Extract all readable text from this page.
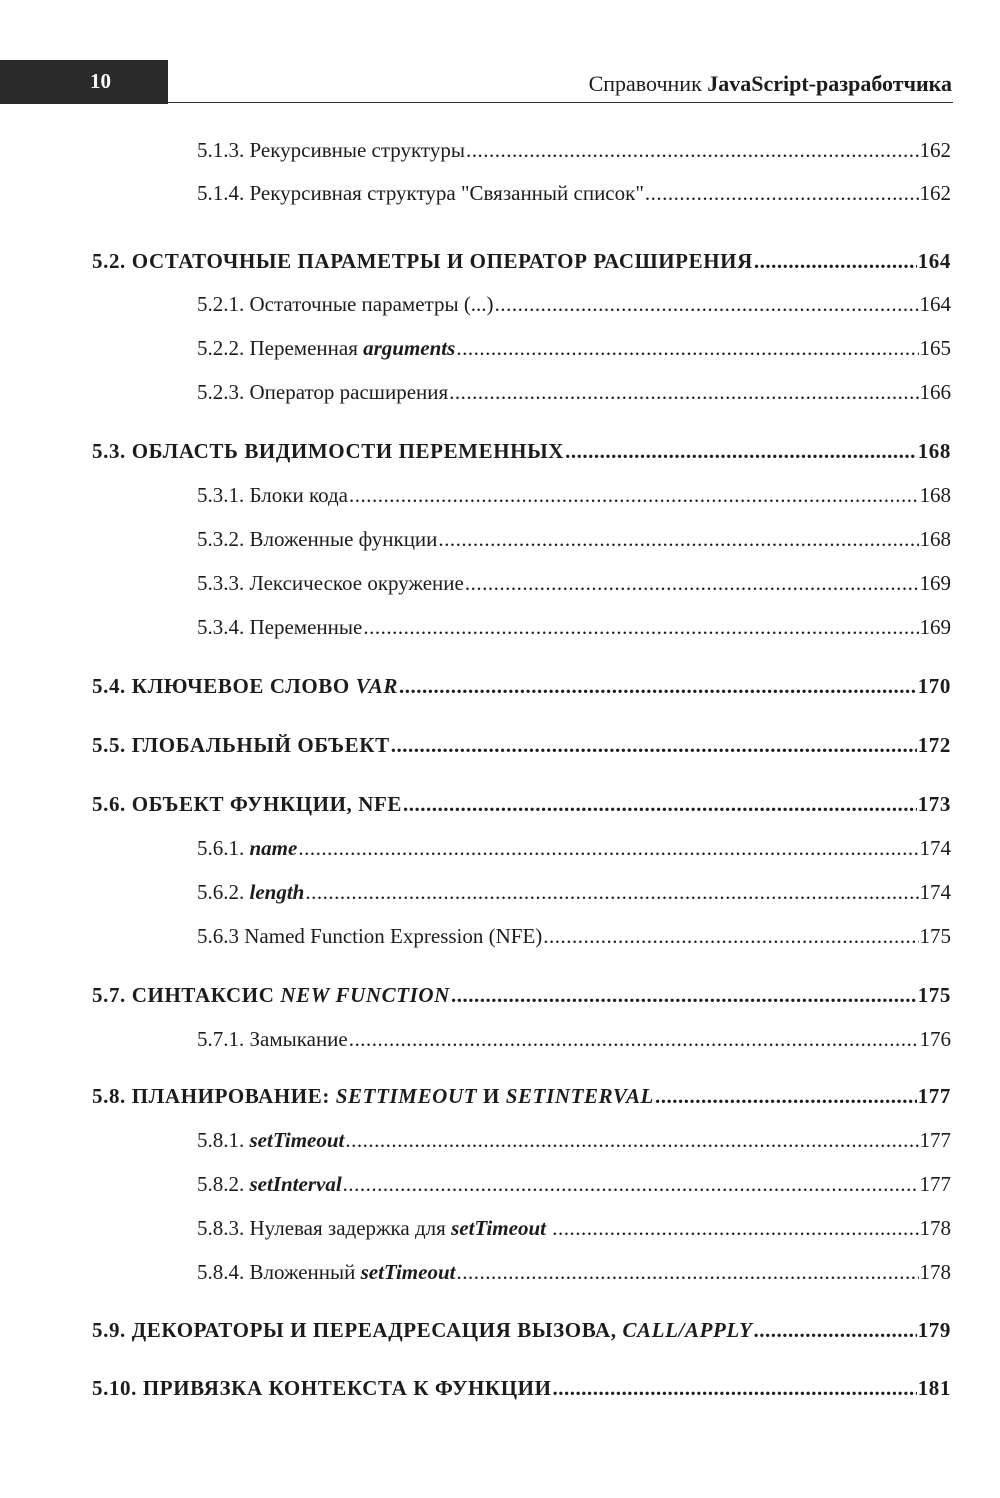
10	Справочник JavaScript-разработчика
5.1.3. Рекурсивные структуры .....	162
5.1.4. Рекурсивная структура "Связанный список" .....	162
5.2. ОСТАТОЧНЫЕ ПАРАМЕТРЫ И ОПЕРАТОР РАСШИРЕНИЯ .....	164
5.2.1. Остаточные параметры (...) .....	164
5.2.2. Переменная arguments .....	165
5.2.3. Оператор расширения .....	166
5.3. ОБЛАСТЬ ВИДИМОСТИ ПЕРЕМЕННЫХ .....	168
5.3.1. Блоки кода .....	168
5.3.2. Вложенные функции .....	168
5.3.3. Лексическое окружение .....	169
5.3.4. Переменные .....	169
5.4. КЛЮЧЕВОЕ СЛОВО VAR .....	170
5.5. ГЛОБАЛЬНЫЙ ОБЪЕКТ .....	172
5.6. ОБЪЕКТ ФУНКЦИИ, NFE .....	173
5.6.1. name .....	174
5.6.2. length .....	174
5.6.3 Named Function Expression (NFE) .....	175
5.7. СИНТАКСИС NEW FUNCTION .....	175
5.7.1. Замыкание .....	176
5.8. ПЛАНИРОВАНИЕ: SETTIMEOUT И SETINTERVAL .....	177
5.8.1. setTimeout .....	177
5.8.2. setInterval .....	177
5.8.3. Нулевая задержка для setTimeout .....	178
5.8.4. Вложенный setTimeout .....	178
5.9. ДЕКОРАТОРЫ И ПЕРЕАДРЕСАЦИЯ ВЫЗОВА, CALL/APPLY .....	179
5.10. ПРИВЯЗКА КОНТЕКСТА К ФУНКЦИИ .....	181
